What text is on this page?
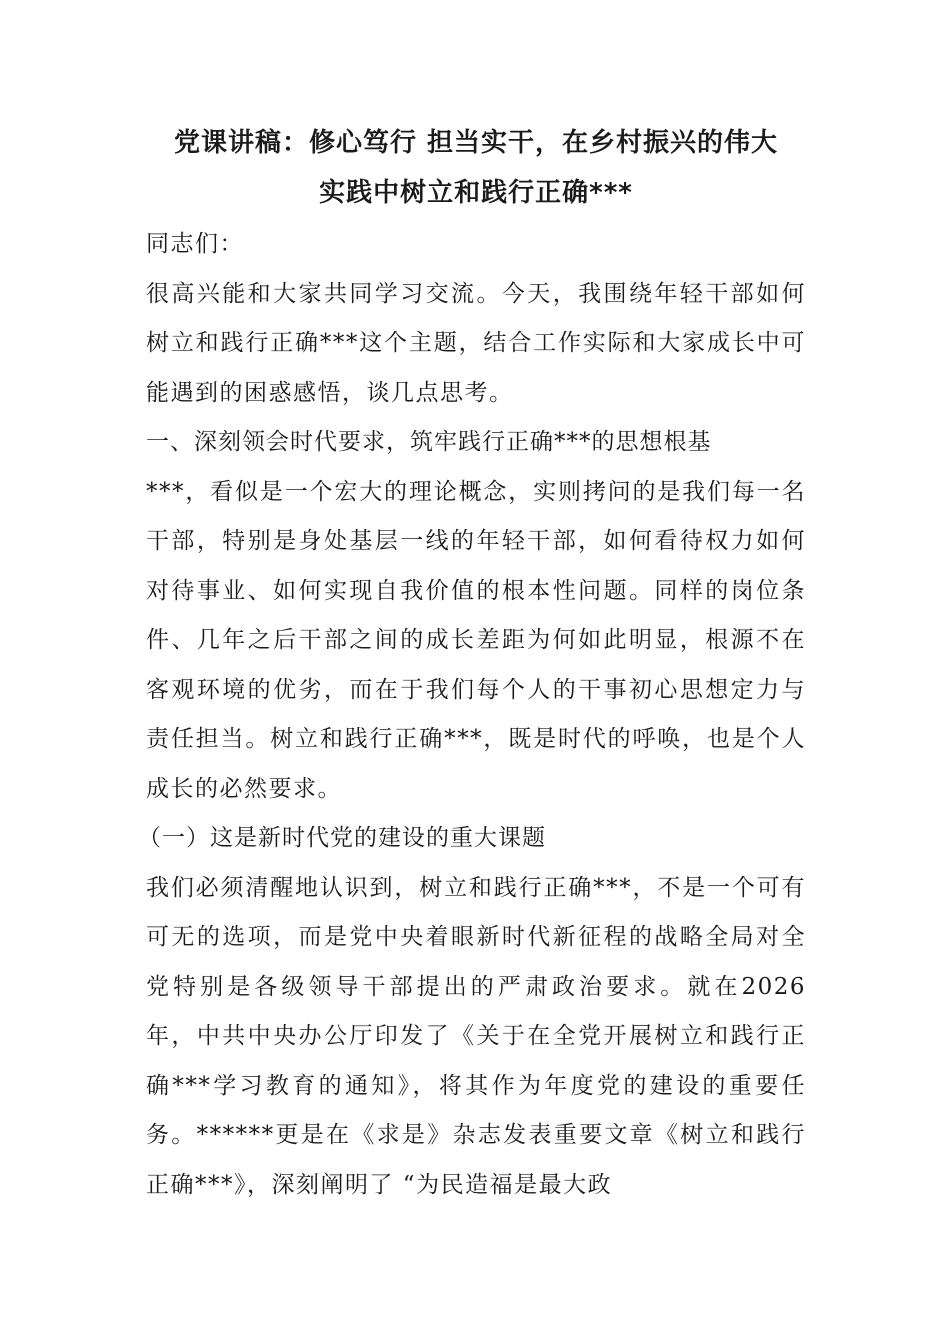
党课讲稿：修心笃行 担当实干，在乡村振兴的伟大
实践中树立和践行正确***

同志们：

很高兴能和大家共同学习交流。今天，我围绕年轻干部如何树立和践行正确***这个主题，结合工作实际和大家成长中可能遇到的困惑感悟，谈几点思考。

一、深刻领会时代要求，筑牢践行正确***的思想根基

***，看似是一个宏大的理论概念，实则拷问的是我们每一名干部，特别是身处基层一线的年轻干部，如何看待权力如何对待事业、如何实现自我价值的根本性问题。同样的岗位条件、几年之后干部之间的成长差距为何如此明显，根源不在客观环境的优劣，而在于我们每个人的干事初心思想定力与责任担当。树立和践行正确***，既是时代的呼唤，也是个人成长的必然要求。

（一）这是新时代党的建设的重大课题

我们必须清醒地认识到，树立和践行正确***，不是一个可有可无的选项，而是党中央着眼新时代新征程的战略全局对全党特别是各级领导干部提出的严肃政治要求。就在2026 年，中共中央办公厅印发了《关于在全党开展树立和践行正确***学习教育的通知》，将其作为年度党的建设的重要任务。******更是在《求是》杂志发表重要文章《树立和践行正确***》，深刻阐明了 “为民造福是最大政
